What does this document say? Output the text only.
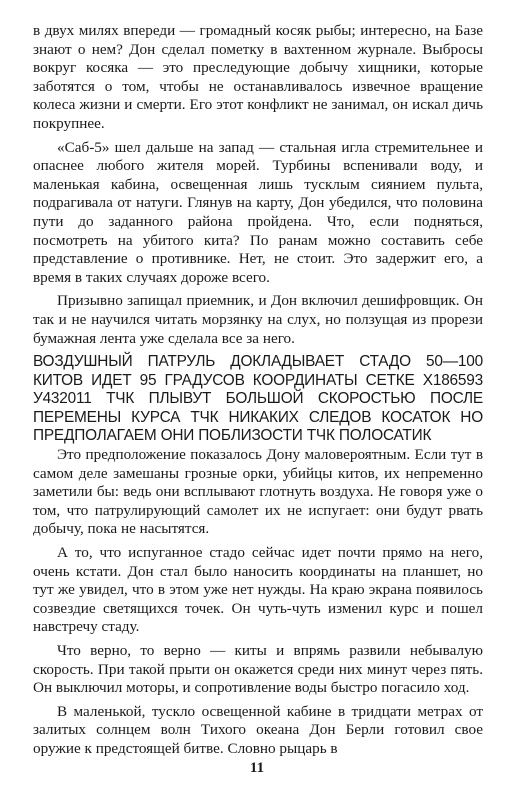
в двух милях впереди — громадный косяк рыбы; интересно, на Базе знают о нем? Дон сделал пометку в вахтенном журнале. Выбросы вокруг косяка — это преследующие добычу хищники, которые заботятся о том, чтобы не останавливалось извечное вращение колеса жизни и смерти. Его этот конфликт не занимал, он искал дичь покрупнее.

«Саб-5» шел дальше на запад — стальная игла стремительнее и опаснее любого жителя морей. Турбины вспенивали воду, и маленькая кабина, освещенная лишь тусклым сиянием пульта, подрагивала от натуги. Глянув на карту, Дон убедился, что половина пути до заданного района пройдена. Что, если подняться, посмотреть на убитого кита? По ранам можно составить себе представление о противнике. Нет, не стоит. Это задержит его, а время в таких случаях дороже всего.

Призывно запищал приемник, и Дон включил дешифровщик. Он так и не научился читать морзянку на слух, но ползущая из прорези бумажная лента уже сделала все за него.

ВОЗДУШНЫЙ ПАТРУЛЬ ДОКЛАДЫВАЕТ СТАДО 50—100 КИТОВ ИДЕТ 95 ГРАДУСОВ КООРДИНАТЫ СЕТКЕ Х186593 У432011 ТЧК ПЛЫВУТ БОЛЬШОЙ СКОРОСТЬЮ ПОСЛЕ ПЕРЕМЕНЫ КУРСА ТЧК НИКАКИХ СЛЕДОВ КОСАТОК НО ПРЕДПОЛАГАЕМ ОНИ ПОБЛИЗОСТИ ТЧК ПОЛОСАТИК

Это предположение показалось Дону маловероятным. Если тут в самом деле замешаны грозные орки, убийцы китов, их непременно заметили бы: ведь они всплывают глотнуть воздуха. Не говоря уже о том, что патрулирующий самолет их не испугает: они будут рвать добычу, пока не насытятся.

А то, что испуганное стадо сейчас идет почти прямо на него, очень кстати. Дон стал было наносить координаты на планшет, но тут же увидел, что в этом уже нет нужды. На краю экрана появилось созвездие светящихся точек. Он чуть-чуть изменил курс и пошел навстречу стаду.

Что верно, то верно — киты и впрямь развили небывалую скорость. При такой прыти он окажется среди них минут через пять. Он выключил моторы, и сопротивление воды быстро погасило ход.

В маленькой, тускло освещенной кабине в тридцати метрах от залитых солнцем волн Тихого океана Дон Берли готовил свое оружие к предстоящей битве. Словно рыцарь в

11
